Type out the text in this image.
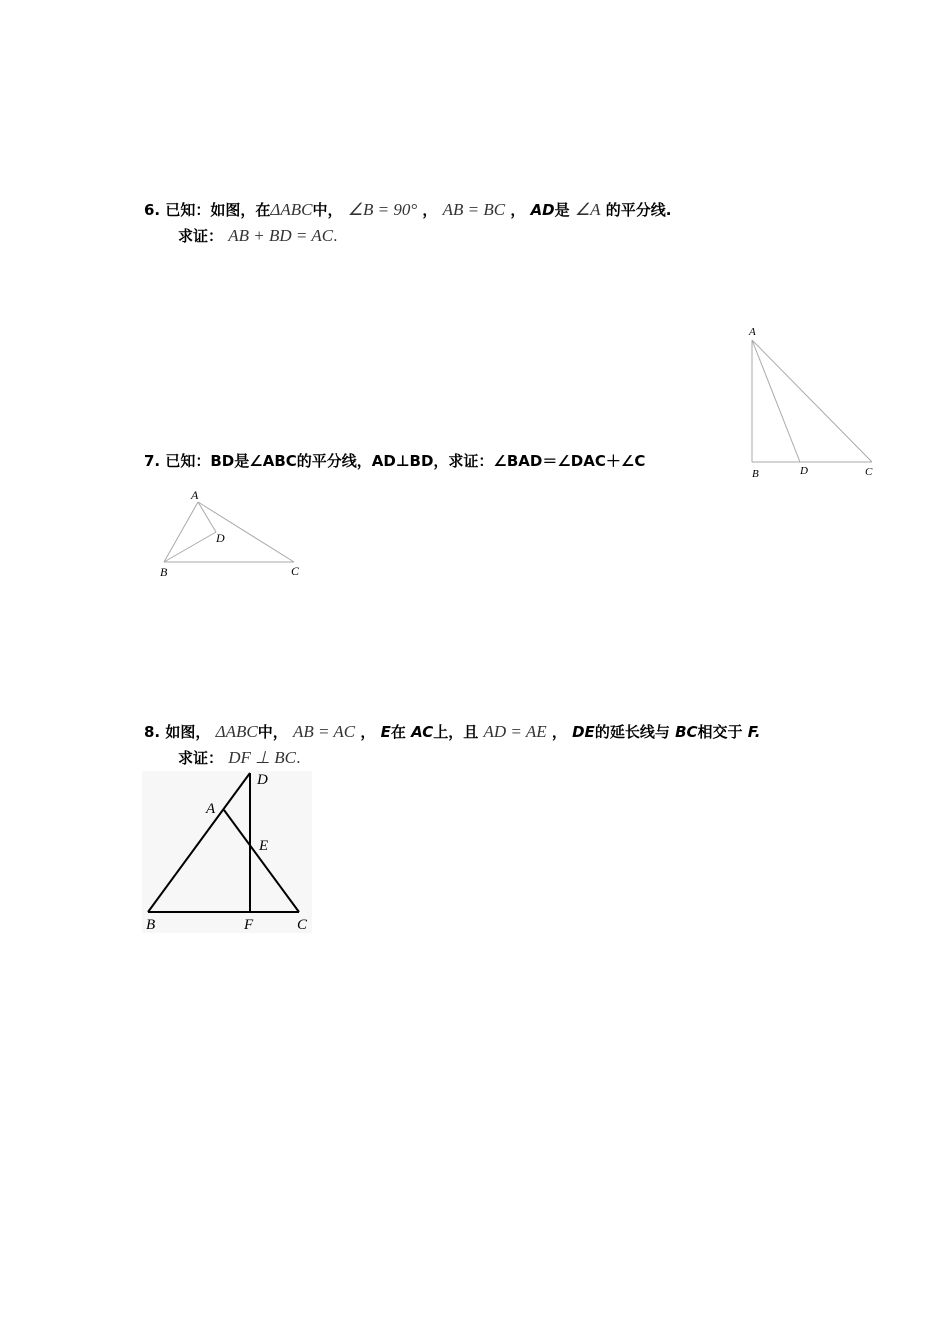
6. 已知：如图，在ΔABC中， ∠B = 90° ， AB = BC ， AD是 ∠A 的平分线.
求证： AB + BD = AC.
A
B	D	C
7. 已知：BD是∠ABC的平分线，AD⊥BD，求证：∠BAD＝∠DAC＋∠C
A
D
B	C
8. 如图， ΔABC中， AB = AC ， E在 AC上，且 AD = AE ， DE的延长线与 BC相交于 F.
求证： DF ⊥ BC.
D
A
E
B	F	C
